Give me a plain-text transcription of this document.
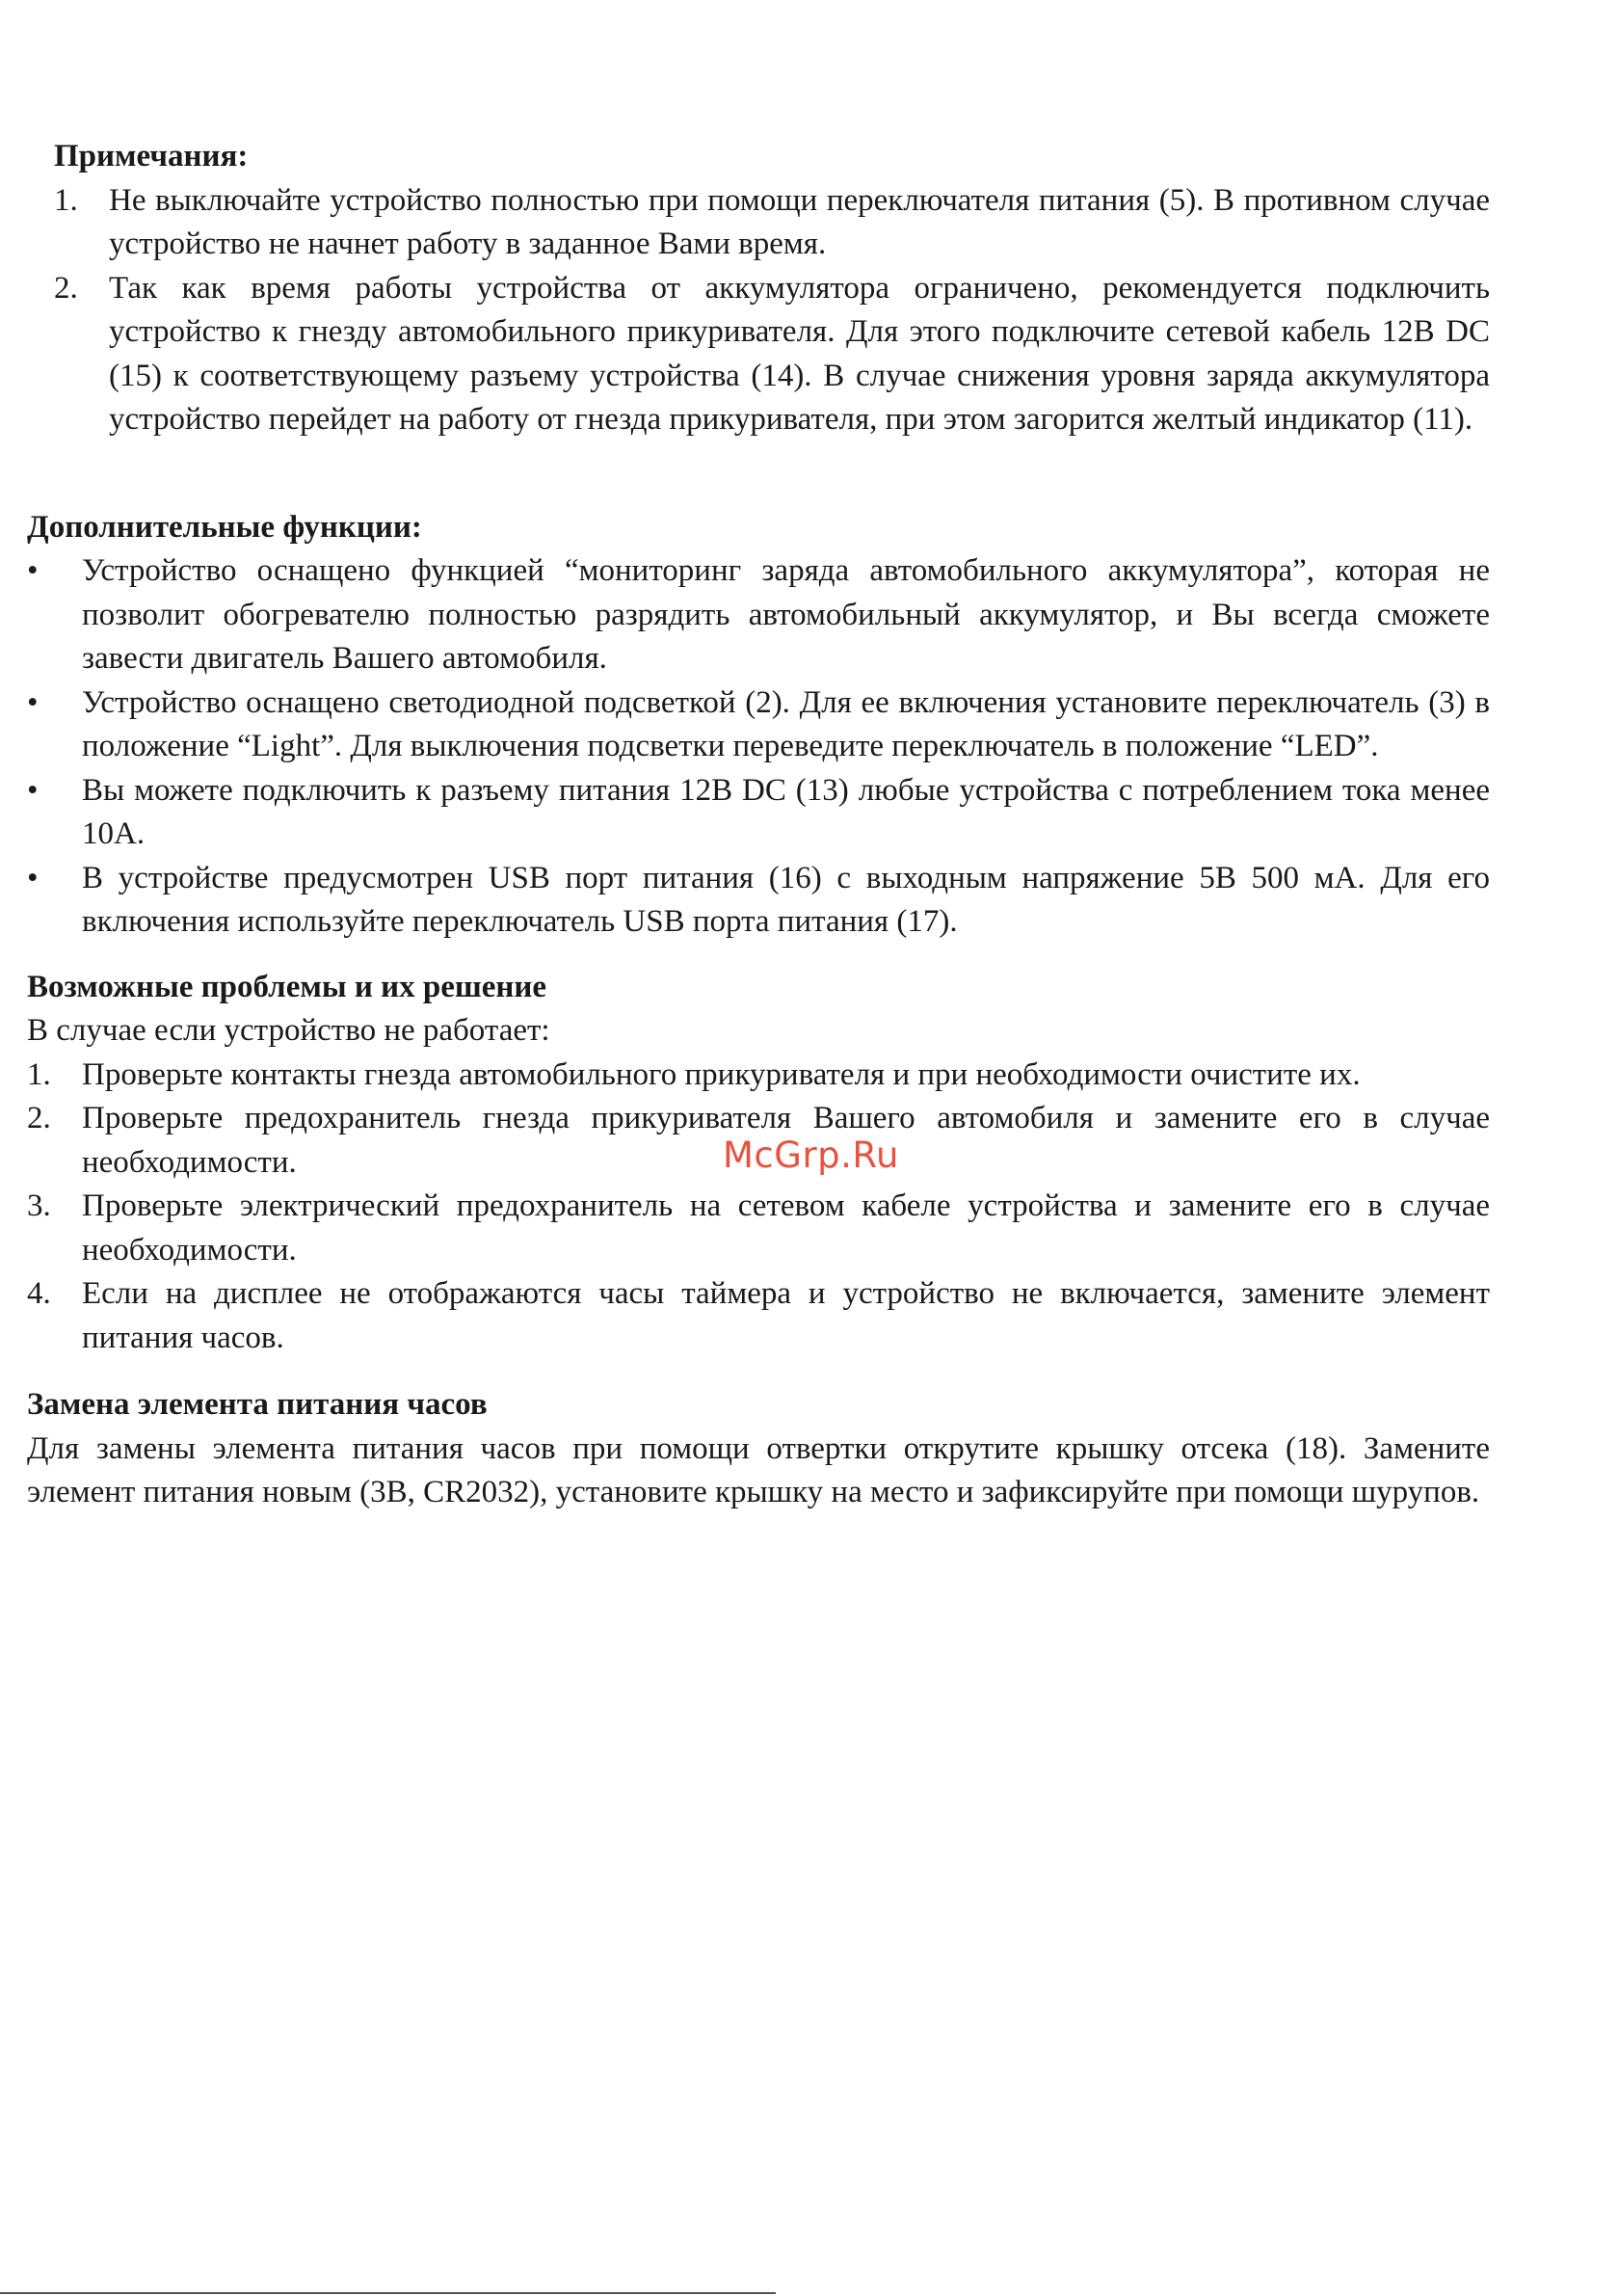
Примечания:

1. Не выключайте устройство полностью при помощи переключателя питания (5). В противном случае устройство не начнет работу в заданное Вами время.
2. Так как время работы устройства от аккумулятора ограничено, рекомендуется подключить устройство к гнезду автомобильного прикуривателя. Для этого подключите сетевой кабель 12В DC (15) к соответствующему разъему устройства (14). В случае снижения уровня заряда аккумулятора устройство перейдет на работу от гнезда прикуривателя, при этом загорится желтый индикатор (11).

Дополнительные функции:

•	Устройство оснащено функцией “мониторинг заряда автомобильного аккумулятора”, которая не позволит обогревателю полностью разрядить автомобильный аккумулятор, и Вы всегда сможете завести двигатель Вашего автомобиля.
•	Устройство оснащено светодиодной подсветкой (2). Для ее включения установите переключатель (3) в положение “Light”. Для выключения подсветки переведите переключатель в положение “LED”.
•	Вы можете подключить к разъему питания 12В DC (13) любые устройства с потреблением тока менее 10А.
•	В устройстве предусмотрен USB порт питания (16) с выходным напряжение 5В 500 мА. Для его включения используйте переключатель USB порта питания (17).

Возможные проблемы и их решение

В случае если устройство не работает:

1. Проверьте контакты гнезда автомобильного прикуривателя и при необходимости очистите их.
2. Проверьте предохранитель гнезда прикуривателя Вашего автомобиля и замените его в случае необходимости.
3. Проверьте электрический предохранитель на сетевом кабеле устройства и замените его в случае необходимости.
4. Если на дисплее не отображаются часы таймера и устройство не включается, замените элемент питания часов.

Замена элемента питания часов

Для замены элемента питания часов при помощи отвертки открутите крышку отсека (18). Замените элемент питания новым (3В, CR2032), установите крышку на место и зафиксируйте при помощи шурупов.

McGrp.Ru
